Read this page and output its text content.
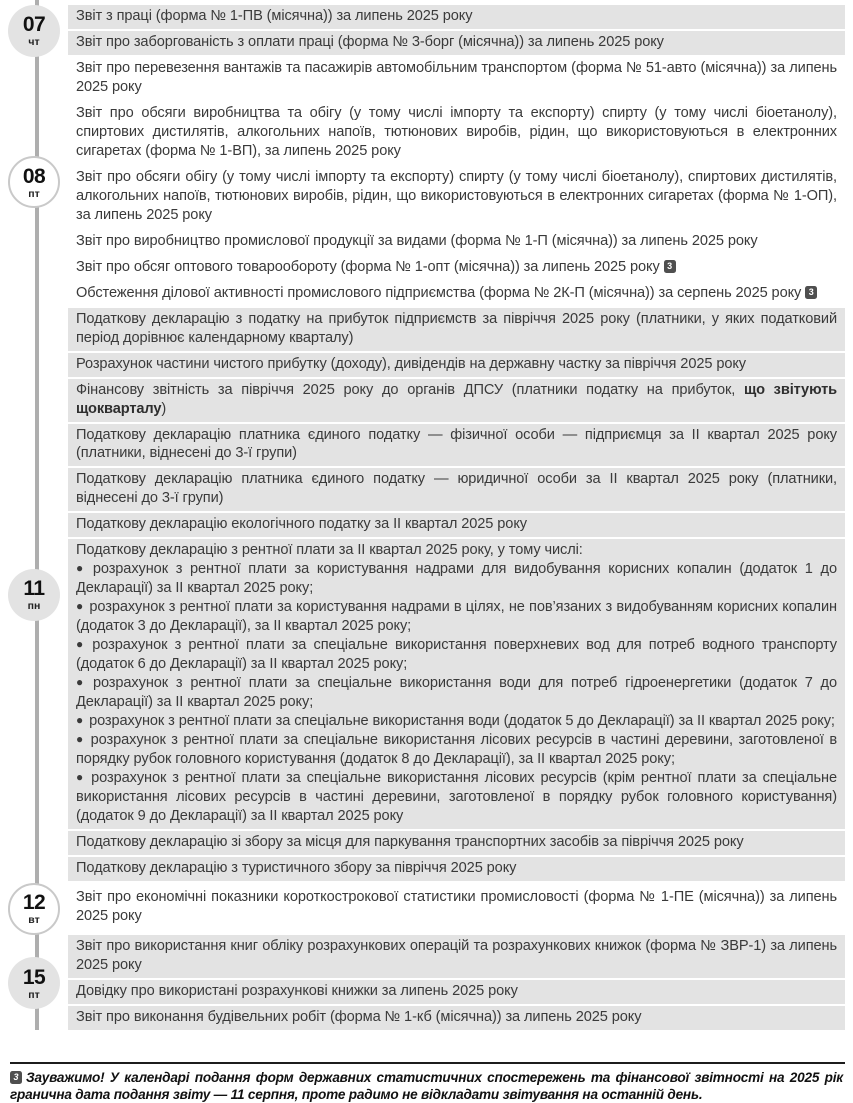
07
чт
Звіт з праці (форма № 1-ПВ (місячна)) за липень 2025 року
Звіт про заборгованість з оплати праці (форма № 3-борг (місячна)) за липень 2025 року
08
пт
Звіт про перевезення вантажів та пасажирів автомобільним транспортом (форма № 51-авто (місячна)) за липень 2025 року
Звіт про обсяги виробництва та обігу (у тому числі імпорту та експорту) спирту (у тому числі біоетанолу), спиртових дистилятів, алкогольних напоїв, тютюнових виробів, рідин, що використовуються в електронних сигаретах (форма № 1-ВП), за липень 2025 року
Звіт про обсяги обігу (у тому числі імпорту та експорту) спирту (у тому числі біоетанолу), спиртових дистилятів, алкогольних напоїв, тютюнових виробів, рідин, що використовуються в електронних сигаретах (форма № 1-ОП), за липень 2025 року
Звіт про виробництво промислової продукції за видами (форма № 1-П (місячна)) за липень 2025 року
Звіт про обсяг оптового товарообороту (форма № 1-опт (місячна)) за липень 2025 року 3
Обстеження ділової активності промислового підприємства (форма № 2К-П (місячна)) за серпень 2025 року 3
11
пн
Податкову декларацію з податку на прибуток підприємств за півріччя 2025 року (платники, у яких податковий період дорівнює календарному кварталу)
Розрахунок частини чистого прибутку (доходу), дивідендів на державну частку за півріччя 2025 року
Фінансову звітність за півріччя 2025 року до органів ДПСУ (платники податку на прибуток, що звітують щокварталу)
Податкову декларацію платника єдиного податку — фізичної особи — підприємця за ІІ квартал 2025 року (платники, віднесені до 3-ї групи)
Податкову декларацію платника єдиного податку — юридичної особи за ІІ квартал 2025 року (платники, віднесені до 3-ї групи)
Податкову декларацію екологічного податку за ІІ квартал 2025 року
Податкову декларацію з рентної плати за ІІ квартал 2025 року, у тому числі:
● розрахунок з рентної плати за користування надрами для видобування корисних копалин (додаток 1 до Декларації) за ІІ квартал 2025 року;
● розрахунок з рентної плати за користування надрами в цілях, не пов’язаних з видобуванням корисних копалин (додаток 3 до Декларації), за ІІ квартал 2025 року;
● розрахунок з рентної плати за спеціальне використання поверхневих вод для потреб водного транспорту (додаток 6 до Декларації) за ІІ квартал 2025 року;
● розрахунок з рентної плати за спеціальне використання води для потреб гідроенергетики (додаток 7 до Декларації) за ІІ квартал 2025 року;
● розрахунок з рентної плати за спеціальне використання води (додаток 5 до Декларації) за ІІ квартал 2025 року;
● розрахунок з рентної плати за спеціальне використання лісових ресурсів в частині деревини, заготовленої в порядку рубок головного користування (додаток 8 до Декларації), за ІІ квартал 2025 року;
● розрахунок з рентної плати за спеціальне використання лісових ресурсів (крім рентної плати за спеціальне використання лісових ресурсів в частині деревини, заготовленої в порядку рубок головного користування) (додаток 9 до Декларації) за ІІ квартал 2025 року
Податкову декларацію зі збору за місця для паркування транспортних засобів за півріччя 2025 року
Податкову декларацію з туристичного збору за півріччя 2025 року
12
вт
Звіт про економічні показники короткострокової статистики промисловості (форма № 1-ПЕ (місячна)) за липень 2025 року
15
пт
Звіт про використання книг обліку розрахункових операцій та розрахункових книжок (форма № ЗВР-1) за липень 2025 року
Довідку про використані розрахункові книжки за липень 2025 року
Звіт про виконання будівельних робіт (форма № 1-кб (місячна)) за липень 2025 року

3 Зауважимо! У календарі подання форм державних статистичних спостережень та фінансової звітності на 2025 рік гранична дата подання звіту — 11 серпня, проте радимо не відкладати звітування на останній день.
